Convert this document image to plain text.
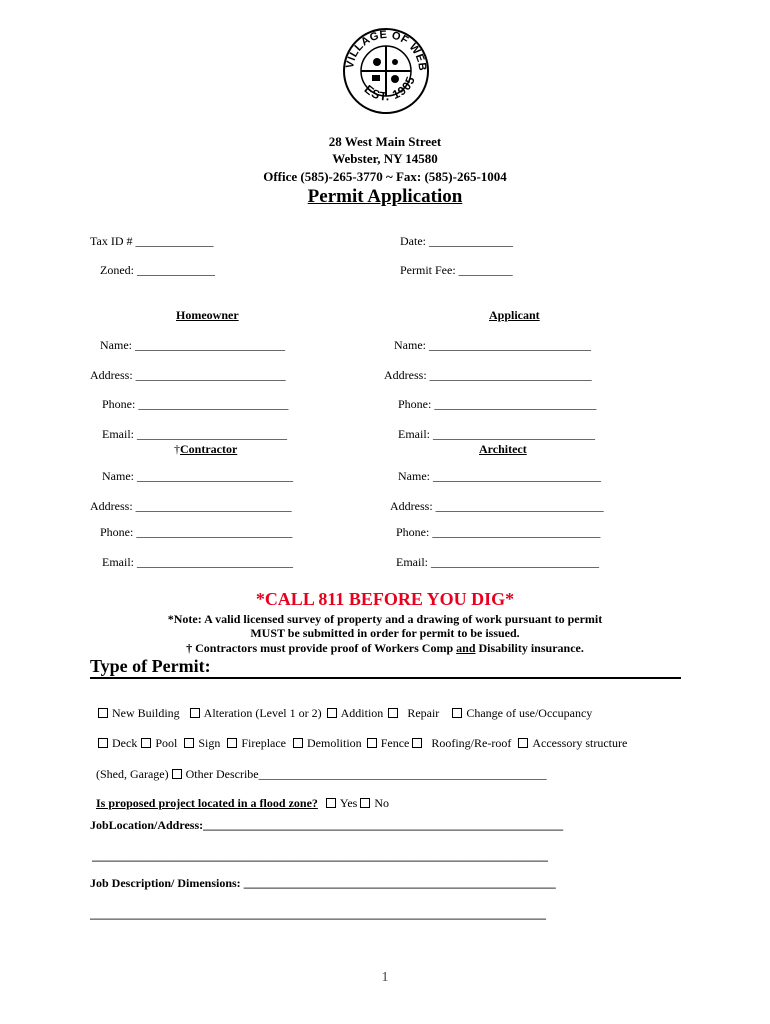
VILLAGE OF WEB
EST. 1905
28 West Main Street
Webster, NY 14580
Office (585)-265-3770 ~ Fax: (585)-265-1004
Permit Application
Tax ID # _____________	Date: ______________
Zoned: _____________	Permit Fee: _________
Homeowner	Applicant
Name: _________________________	Name: ___________________________
Address: _________________________	Address: ___________________________
Phone: _________________________	Phone: ___________________________
Email: _________________________	Email: ___________________________
†Contractor	Architect
Name: __________________________	Name: ____________________________
Address: __________________________	Address: ____________________________
Phone: __________________________	Phone: ____________________________
Email: __________________________	Email: ____________________________
*CALL 811 BEFORE YOU DIG*
*Note: A valid licensed survey of property and a drawing of work pursuant to permit
MUST be submitted in order for permit to be issued.
† Contractors must provide proof of Workers Comp and Disability insurance.
Type of Permit:

New Building Alteration (Level 1 or 2) Addition Repair Change of use/Occupancy

Deck Pool Sign Fireplace Demolition Fence Roofing/Re-roof Accessory structure

(Shed, Garage) Other Describe________________________________________________

Is proposed project located in a flood zone? Yes No

JobLocation/Address:____________________________________________________________
____________________________________________________________________________
Job Description/ Dimensions: ____________________________________________________
____________________________________________________________________________
1
